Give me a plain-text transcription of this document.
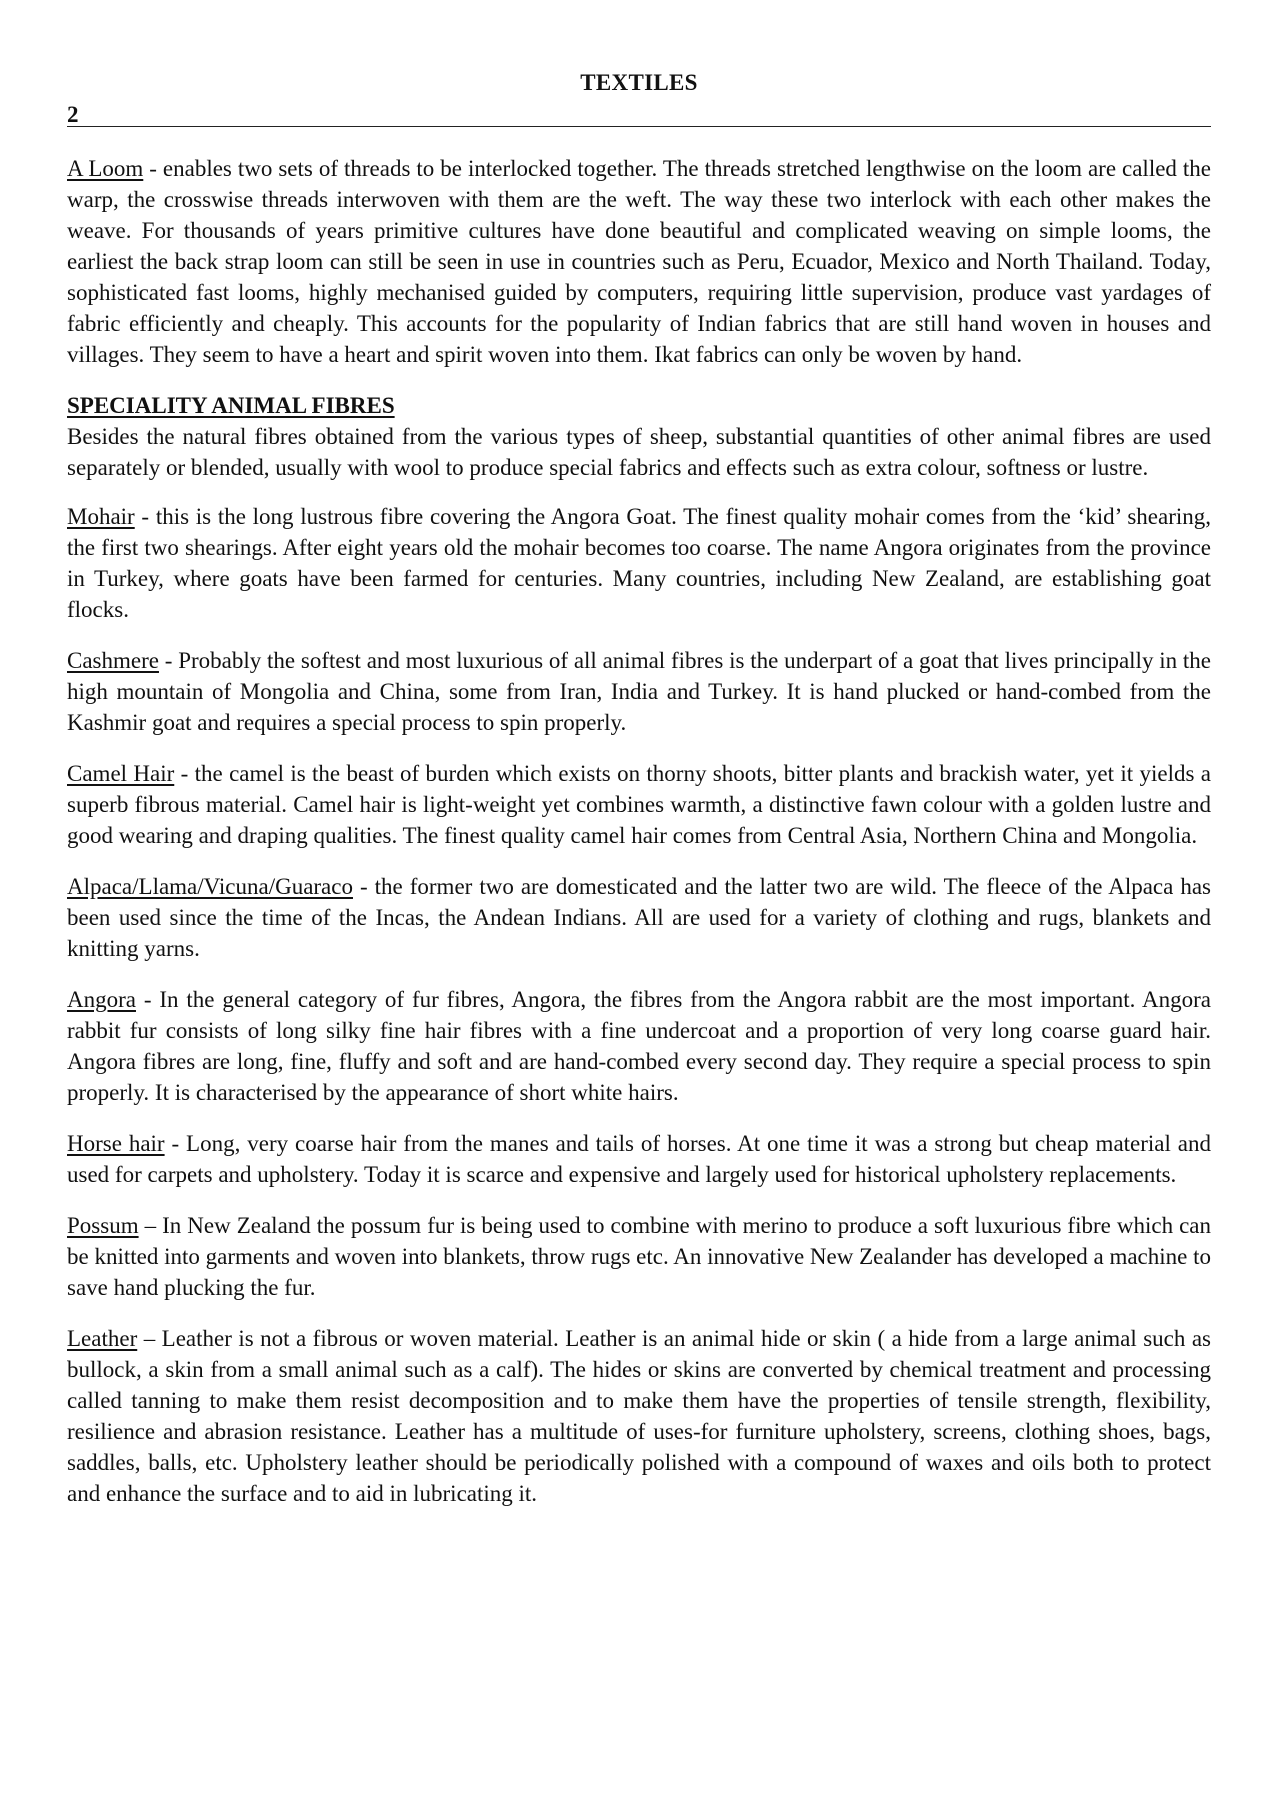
TEXTILES
2

A Loom - enables two sets of threads to be interlocked together. The threads stretched lengthwise on the loom are called the warp, the crosswise threads interwoven with them are the weft. The way these two interlock with each other makes the weave. For thousands of years primitive cultures have done beautiful and complicated weaving on simple looms, the earliest the back strap loom can still be seen in use in countries such as Peru, Ecuador, Mexico and North Thailand. Today, sophisticated fast looms, highly mechanised guided by computers, requiring little supervision, produce vast yardages of fabric efficiently and cheaply. This accounts for the popularity of Indian fabrics that are still hand woven in houses and villages. They seem to have a heart and spirit woven into them. Ikat fabrics can only be woven by hand.

SPECIALITY ANIMAL FIBRES

Besides the natural fibres obtained from the various types of sheep, substantial quantities of other animal fibres are used separately or blended, usually with wool to produce special fabrics and effects such as extra colour, softness or lustre.

Mohair - this is the long lustrous fibre covering the Angora Goat. The finest quality mohair comes from the ‘kid’ shearing, the first two shearings. After eight years old the mohair becomes too coarse. The name Angora originates from the province in Turkey, where goats have been farmed for centuries. Many countries, including New Zealand, are establishing goat flocks.

Cashmere - Probably the softest and most luxurious of all animal fibres is the underpart of a goat that lives principally in the high mountain of Mongolia and China, some from Iran, India and Turkey. It is hand plucked or hand-combed from the Kashmir goat and requires a special process to spin properly.

Camel Hair - the camel is the beast of burden which exists on thorny shoots, bitter plants and brackish water, yet it yields a superb fibrous material. Camel hair is light-weight yet combines warmth, a distinctive fawn colour with a golden lustre and good wearing and draping qualities. The finest quality camel hair comes from Central Asia, Northern China and Mongolia.

Alpaca/Llama/Vicuna/Guaraco - the former two are domesticated and the latter two are wild. The fleece of the Alpaca has been used since the time of the Incas, the Andean Indians. All are used for a variety of clothing and rugs, blankets and knitting yarns.

Angora - In the general category of fur fibres, Angora, the fibres from the Angora rabbit are the most important. Angora rabbit fur consists of long silky fine hair fibres with a fine undercoat and a proportion of very long coarse guard hair. Angora fibres are long, fine, fluffy and soft and are hand-combed every second day. They require a special process to spin properly. It is characterised by the appearance of short white hairs.

Horse hair - Long, very coarse hair from the manes and tails of horses. At one time it was a strong but cheap material and used for carpets and upholstery. Today it is scarce and expensive and largely used for historical upholstery replacements.

Possum – In New Zealand the possum fur is being used to combine with merino to produce a soft luxurious fibre which can be knitted into garments and woven into blankets, throw rugs etc. An innovative New Zealander has developed a machine to save hand plucking the fur.

Leather – Leather is not a fibrous or woven material. Leather is an animal hide or skin ( a hide from a large animal such as bullock, a skin from a small animal such as a calf). The hides or skins are converted by chemical treatment and processing called tanning to make them resist decomposition and to make them have the properties of tensile strength, flexibility, resilience and abrasion resistance. Leather has a multitude of uses-for furniture upholstery, screens, clothing shoes, bags, saddles, balls, etc. Upholstery leather should be periodically polished with a compound of waxes and oils both to protect and enhance the surface and to aid in lubricating it.
